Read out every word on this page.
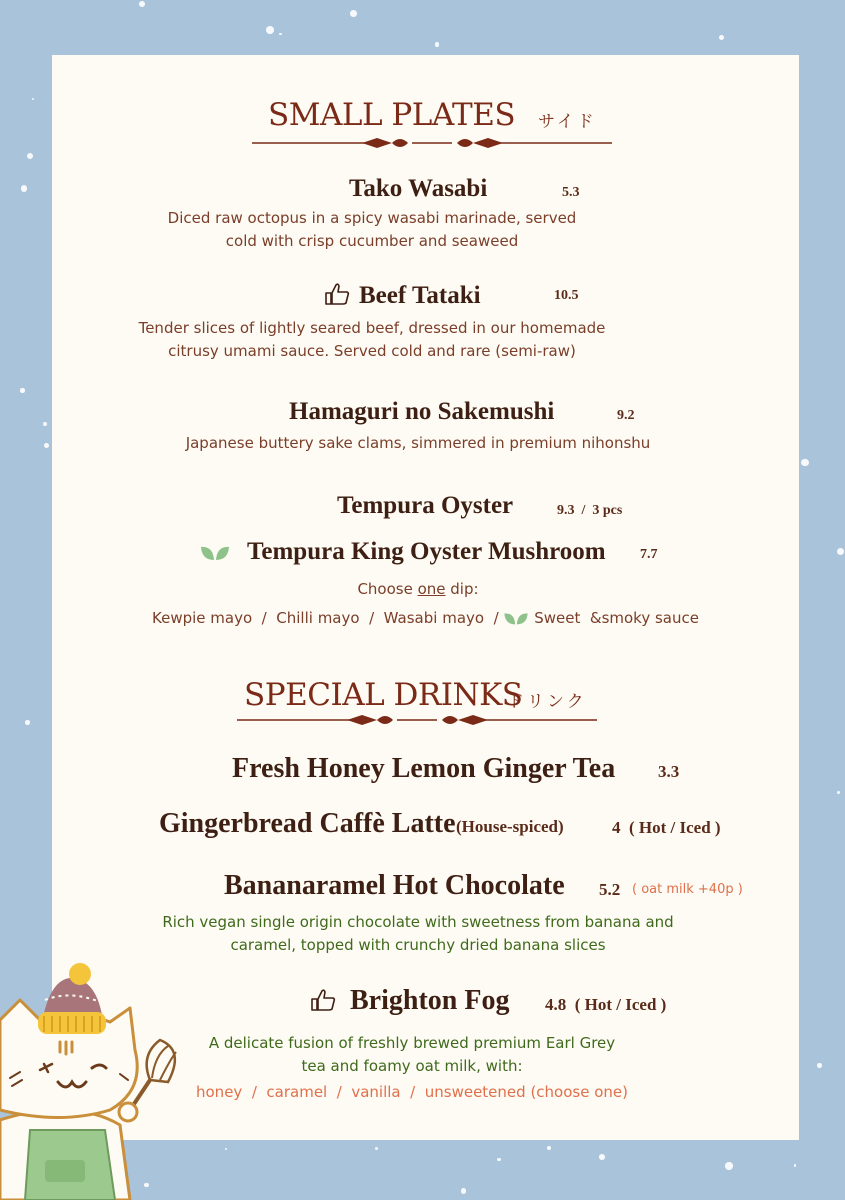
SMALL PLATES サイド
Tako Wasabi	5.3
Diced raw octopus in a spicy wasabi marinade, served
cold with crisp cucumber and seaweed
Beef Tataki	10.5
Tender slices of lightly seared beef, dressed in our homemade
citrusy umami sauce. Served cold and rare (semi-raw)
Hamaguri no Sakemushi	9.2
Japanese buttery sake clams, simmered in premium nihonshu
Tempura Oyster	9.3  /  3 pcs
Tempura King Oyster Mushroom 7.7
Choose one dip:
Kewpie mayo  /  Chilli mayo  /  Wasabi mayo  / Sweet  &smoky sauce
SPECIAL DRINKS
ドリンク
Fresh Honey Lemon Ginger Tea	3.3
Gingerbread Caffè Latte (House-spiced)	4  ( Hot / Iced )
Bananaramel Hot Chocolate 5.2 ( oat milk +40p )
Rich vegan single origin chocolate with sweetness from banana and
caramel, topped with crunchy dried banana slices
Brighton Fog 4.8  ( Hot / Iced )
A delicate fusion of freshly brewed premium Earl Grey
tea and foamy oat milk, with:
honey  /  caramel  /  vanilla  /  unsweetened (choose one)
